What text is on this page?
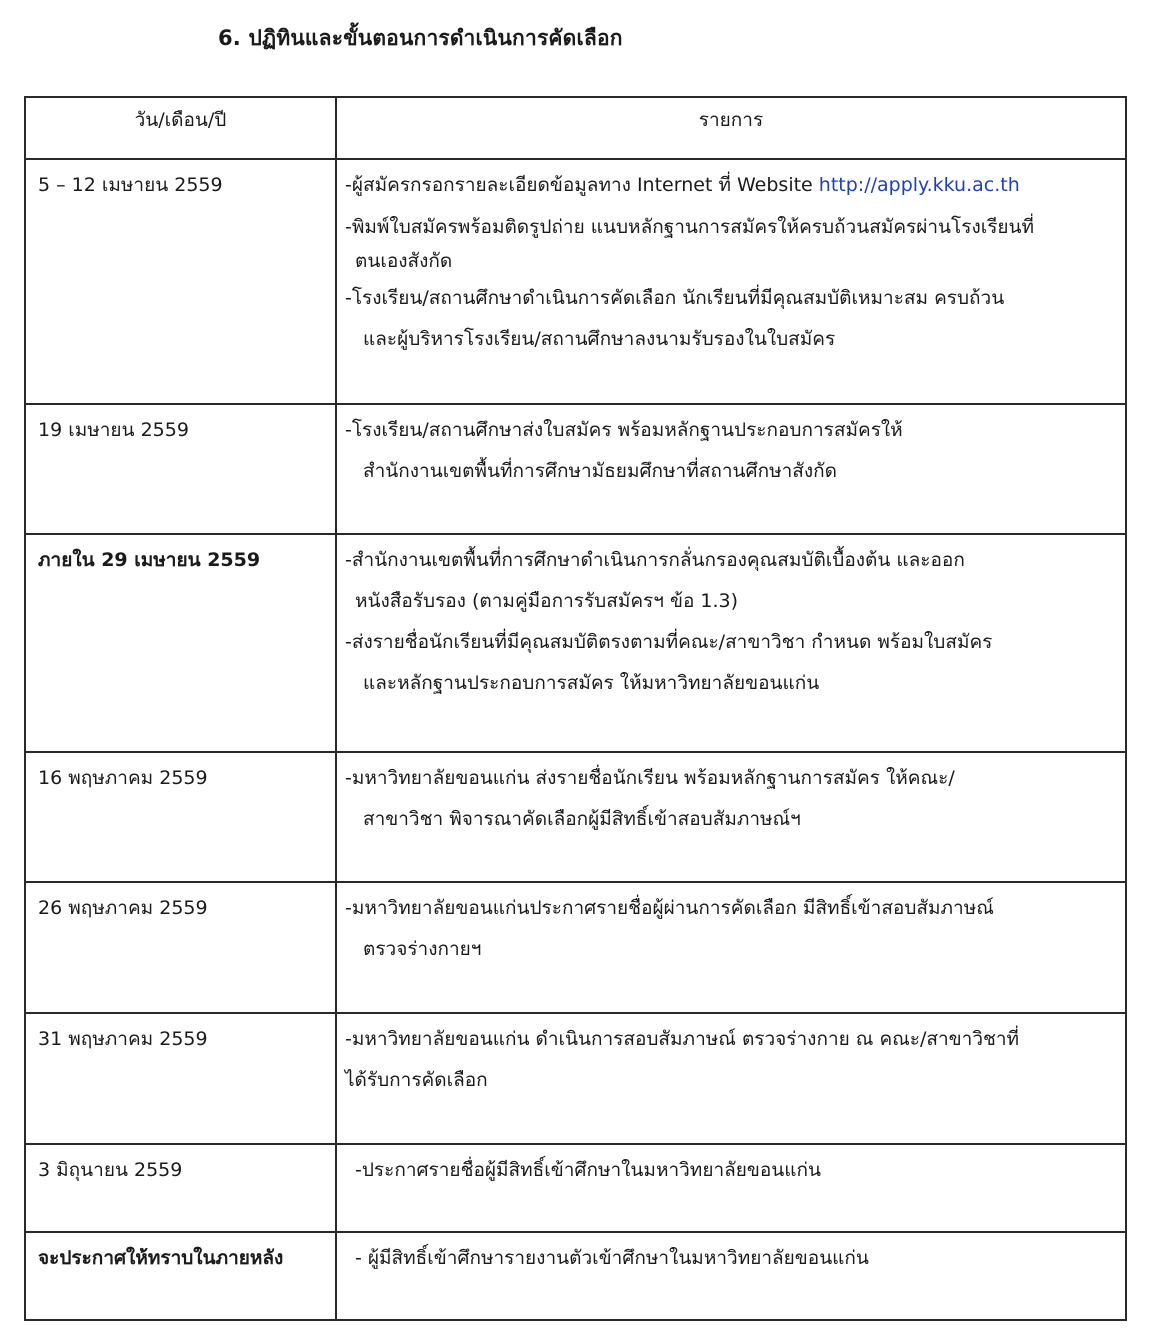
6. ปฏิทินและขั้นตอนการดำเนินการคัดเลือก
วัน/เดือน/ปี	รายการ
5 – 12 เมษายน 2559	-ผู้สมัครกรอกรายละเอียดข้อมูลทาง Internet ที่ Website http://apply.kku.ac.th
-พิมพ์ใบสมัครพร้อมติดรูปถ่าย แนบหลักฐานการสมัครให้ครบถ้วนสมัครผ่านโรงเรียนที่
ตนเองสังกัด
-โรงเรียน/สถานศึกษาดำเนินการคัดเลือก นักเรียนที่มีคุณสมบัติเหมาะสม ครบถ้วน
และผู้บริหารโรงเรียน/สถานศึกษาลงนามรับรองในใบสมัคร

19 เมษายน 2559	-โรงเรียน/สถานศึกษาส่งใบสมัคร พร้อมหลักฐานประกอบการสมัครให้
สำนักงานเขตพื้นที่การศึกษามัธยมศึกษาที่สถานศึกษาสังกัด

ภายใน 29 เมษายน 2559	-สำนักงานเขตพื้นที่การศึกษาดำเนินการกลั่นกรองคุณสมบัติเบื้องต้น และออก
หนังสือรับรอง (ตามคู่มือการรับสมัครฯ ข้อ 1.3)
-ส่งรายชื่อนักเรียนที่มีคุณสมบัติตรงตามที่คณะ/สาขาวิชา กำหนด พร้อมใบสมัคร
และหลักฐานประกอบการสมัคร ให้มหาวิทยาลัยขอนแก่น

16 พฤษภาคม 2559	-มหาวิทยาลัยขอนแก่น ส่งรายชื่อนักเรียน พร้อมหลักฐานการสมัคร ให้คณะ/
สาขาวิชา พิจารณาคัดเลือกผู้มีสิทธิ์เข้าสอบสัมภาษณ์ฯ

26 พฤษภาคม 2559	-มหาวิทยาลัยขอนแก่นประกาศรายชื่อผู้ผ่านการคัดเลือก มีสิทธิ์เข้าสอบสัมภาษณ์
ตรวจร่างกายฯ

31 พฤษภาคม 2559	-มหาวิทยาลัยขอนแก่น ดำเนินการสอบสัมภาษณ์ ตรวจร่างกาย ณ คณะ/สาขาวิชาที่
ได้รับการคัดเลือก

3 มิถุนายน 2559	-ประกาศรายชื่อผู้มีสิทธิ์เข้าศึกษาในมหาวิทยาลัยขอนแก่น

จะประกาศให้ทราบในภายหลัง	- ผู้มีสิทธิ์เข้าศึกษารายงานตัวเข้าศึกษาในมหาวิทยาลัยขอนแก่น
